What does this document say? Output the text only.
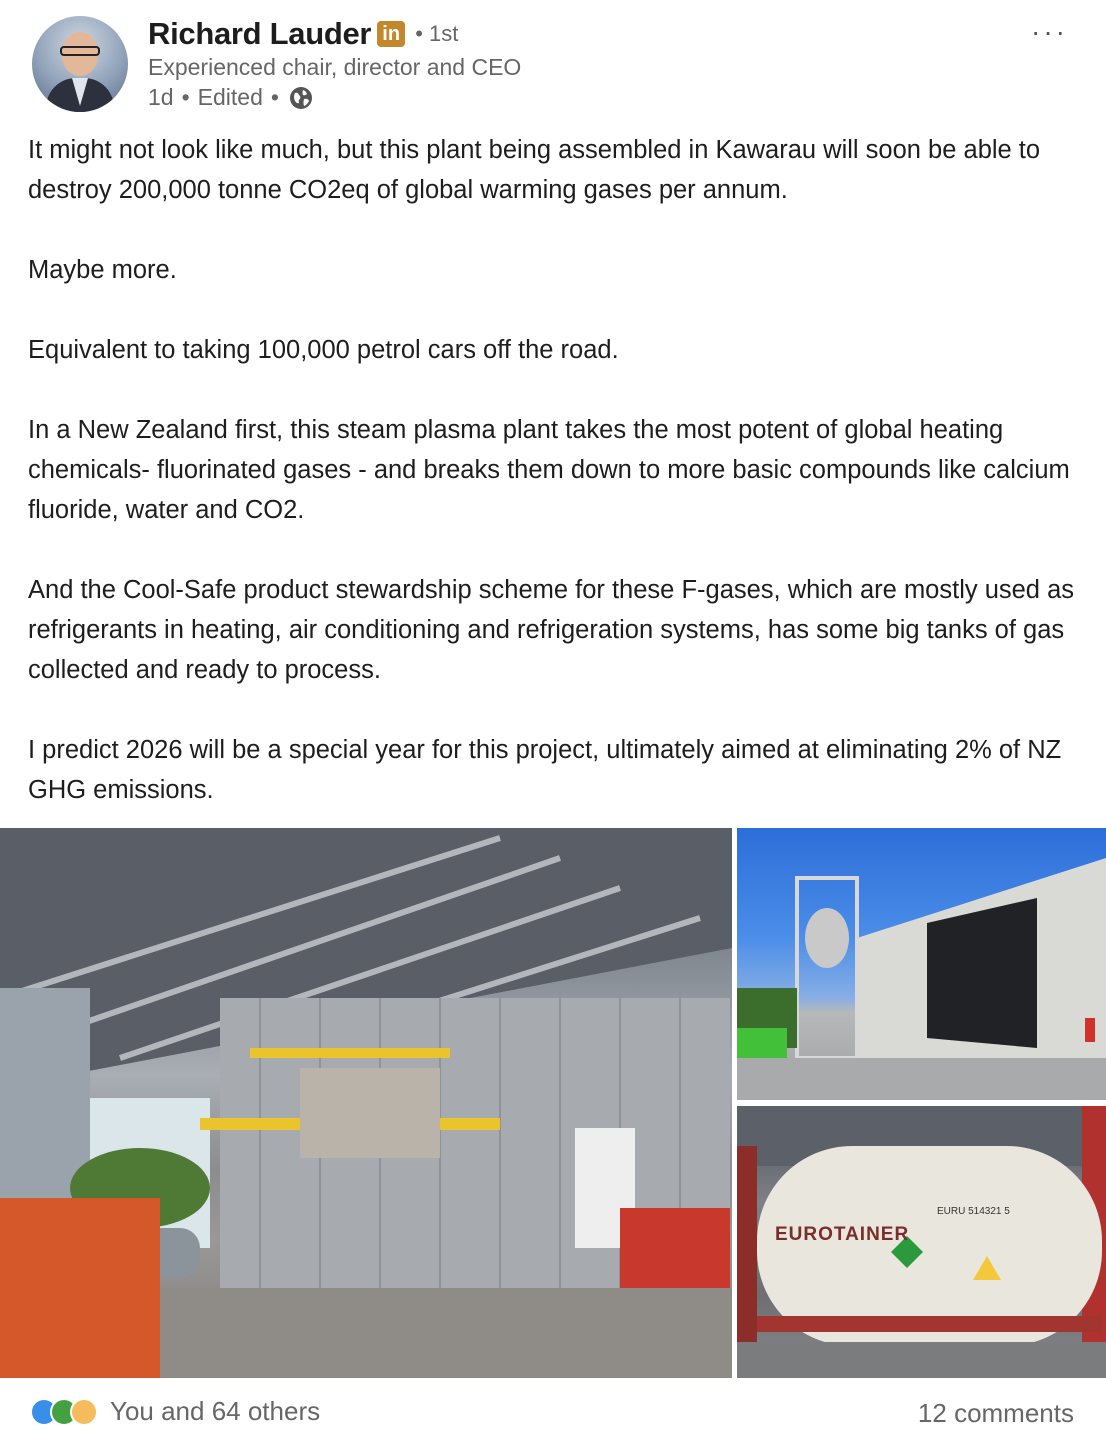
Richard Lauder in • 1st
Experienced chair, director and CEO
1d • Edited •
···

It might not look like much, but this plant being assembled in Kawarau will soon be able to destroy 200,000 tonne CO2eq of global warming gases per annum.

Maybe more.

Equivalent to taking 100,000 petrol cars off the road.

In a New Zealand first, this steam plasma plant takes the most potent of global heating chemicals- fluorinated gases - and breaks them down to more basic compounds like calcium fluoride, water and CO2.

And the Cool-Safe product stewardship scheme for these F-gases, which are mostly used as refrigerants in heating, air conditioning and refrigeration systems, has some big tanks of gas collected and ready to process.

I predict 2026 will be a special year for this project, ultimately aimed at eliminating 2% of NZ GHG emissions.

EUROTAINER
EURU 514321 5
You and 64 others	12 comments
